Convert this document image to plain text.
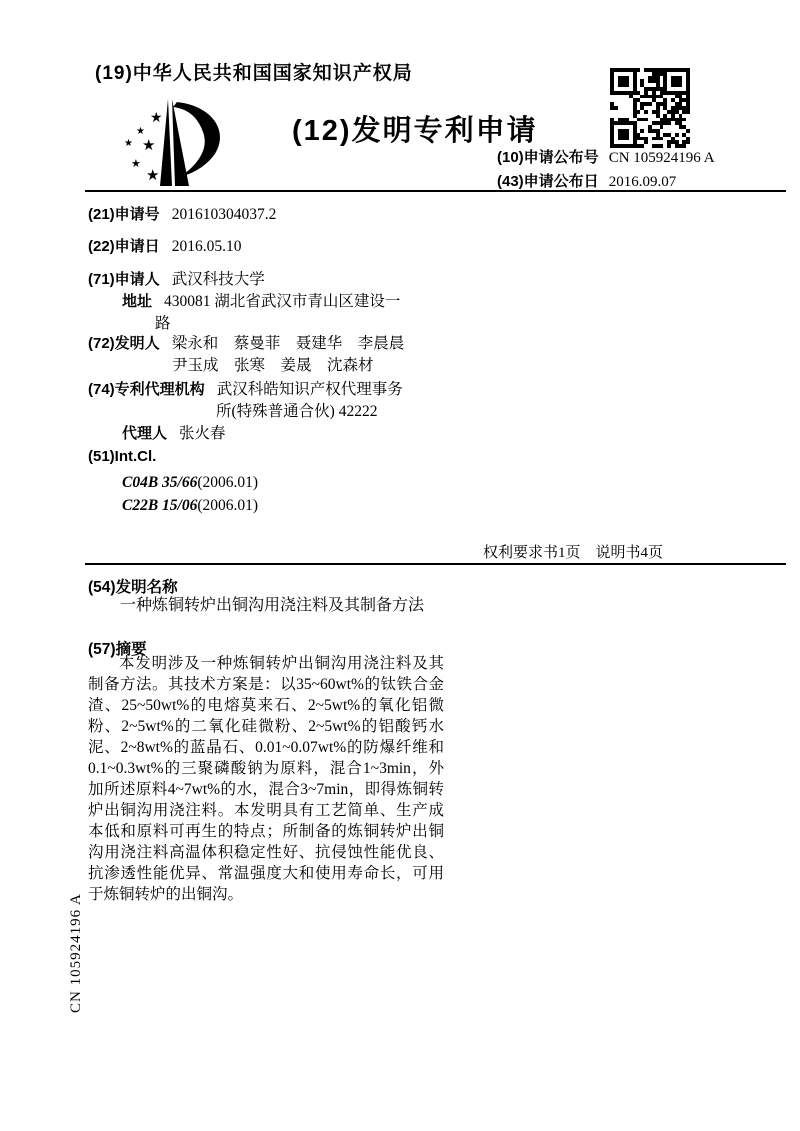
(19)中华人民共和国国家知识产权局
★
★
★ ★
★
★
(12)发明专利申请
(10)申请公布号 CN 105924196 A
(43)申请公布日 2016.09.07
(21)申请号 201610304037.2
(22)申请日 2016.05.10
(71)申请人 武汉科技大学
地址 430081 湖北省武汉市青山区建设一
路
(72)发明人 梁永和　蔡曼菲　聂建华　李晨晨
尹玉成　张寒　姜晟　沈森材
(74)专利代理机构 武汉科皓知识产权代理事务
所(特殊普通合伙) 42222
代理人 张火春
(51)Int.Cl.
C04B 35/66(2006.01)
C22B 15/06(2006.01)
权利要求书1页　说明书4页
(54)发明名称
一种炼铜转炉出铜沟用浇注料及其制备方法
(57)摘要
本发明涉及一种炼铜转炉出铜沟用浇注料及其制备方法。其技术方案是：以35~60wt%的钛铁合金渣、25~50wt%的电熔莫来石、2~5wt%的氧化铝微粉、2~5wt%的二氧化硅微粉、2~5wt%的铝酸钙水泥、2~8wt%的蓝晶石、0.01~0.07wt%的防爆纤维和0.1~0.3wt%的三聚磷酸钠为原料，混合1~3min，外加所述原料4~7wt%的水，混合3~7min，即得炼铜转炉出铜沟用浇注料。本发明具有工艺简单、生产成本低和原料可再生的特点；所制备的炼铜转炉出铜沟用浇注料高温体积稳定性好、抗侵蚀性能优良、抗渗透性能优异、常温强度大和使用寿命长，可用于炼铜转炉的出铜沟。
CN 105924196 A
